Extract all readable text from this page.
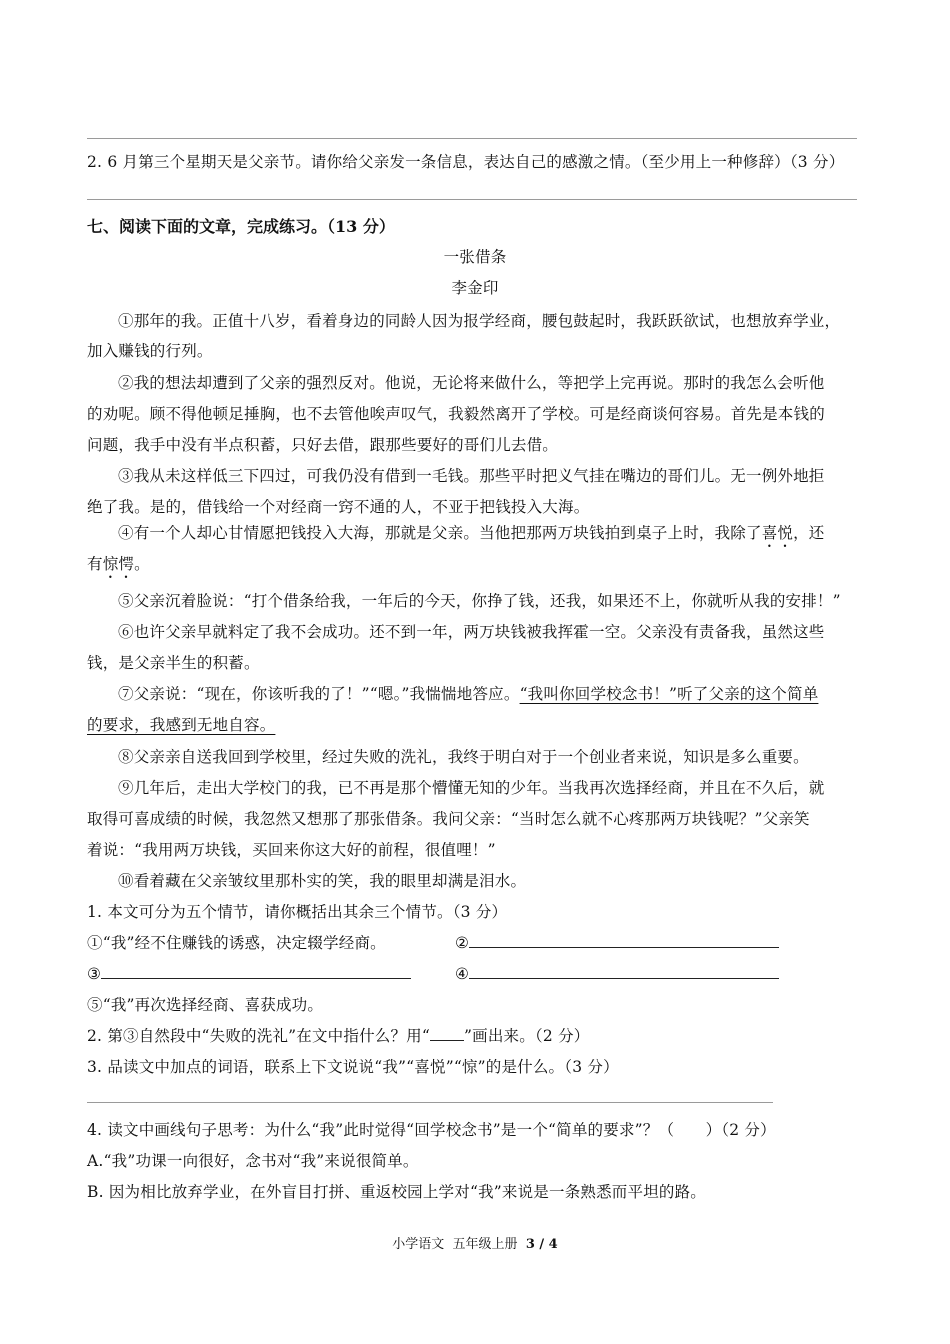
2. 6 月第三个星期天是父亲节。请你给父亲发一条信息，表达自己的感激之情。（至少用上一种修辞）（3 分）
七、阅读下面的文章，完成练习。（13 分）
一张借条
李金印
①那年的我。正值十八岁，看着身边的同龄人因为报学经商，腰包鼓起时，我跃跃欲试，也想放弃学业，
加入赚钱的行列。
②我的想法却遭到了父亲的强烈反对。他说，无论将来做什么，等把学上完再说。那时的我怎么会听他
的劝呢。顾不得他顿足捶胸，也不去管他唉声叹气，我毅然离开了学校。可是经商谈何容易。首先是本钱的
问题，我手中没有半点积蓄，只好去借，跟那些要好的哥们儿去借。
③我从未这样低三下四过，可我仍没有借到一毛钱。那些平时把义气挂在嘴边的哥们儿。无一例外地拒
绝了我。是的，借钱给一个对经商一窍不通的人，不亚于把钱投入大海。
④有一个人却心甘情愿把钱投入大海，那就是父亲。当他把那两万块钱拍到桌子上时，我除了喜悦，还
有惊愕。
⑤父亲沉着脸说：“打个借条给我，一年后的今天，你挣了钱，还我，如果还不上，你就听从我的安排！”
⑥也许父亲早就料定了我不会成功。还不到一年，两万块钱被我挥霍一空。父亲没有责备我，虽然这些
钱，是父亲半生的积蓄。
⑦父亲说：“现在，你该听我的了！”“嗯。”我惴惴地答应。“我叫你回学校念书！”听了父亲的这个简单
的要求，我感到无地自容。
⑧父亲亲自送我回到学校里，经过失败的洗礼，我终于明白对于一个创业者来说，知识是多么重要。
⑨几年后，走出大学校门的我，已不再是那个懵懂无知的少年。当我再次选择经商，并且在不久后，就
取得可喜成绩的时候，我忽然又想那了那张借条。我问父亲：“当时怎么就不心疼那两万块钱呢？”父亲笑
着说：“我用两万块钱，买回来你这大好的前程，很值哩！”
⑩看着藏在父亲皱纹里那朴实的笑，我的眼里却满是泪水。
1. 本文可分为五个情节，请你概括出其余三个情节。（3 分）
①“我”经不住赚钱的诱惑，决定辍学经商。	②
③	④
⑤“我”再次选择经商、喜获成功。
2. 第③自然段中“失败的洗礼”在文中指什么？用“ ”画出来。（2 分）
3. 品读文中加点的词语，联系上下文说说“我”“喜悦”“惊”的是什么。（3 分）
4. 读文中画线句子思考：为什么“我”此时觉得“回学校念书”是一个“简单的要求”？（　　）（2 分）
A.“我”功课一向很好，念书对“我”来说很简单。
B. 因为相比放弃学业，在外盲目打拼、重返校园上学对“我”来说是一条熟悉而平坦的路。
小学语文 五年级上册 3 / 4
